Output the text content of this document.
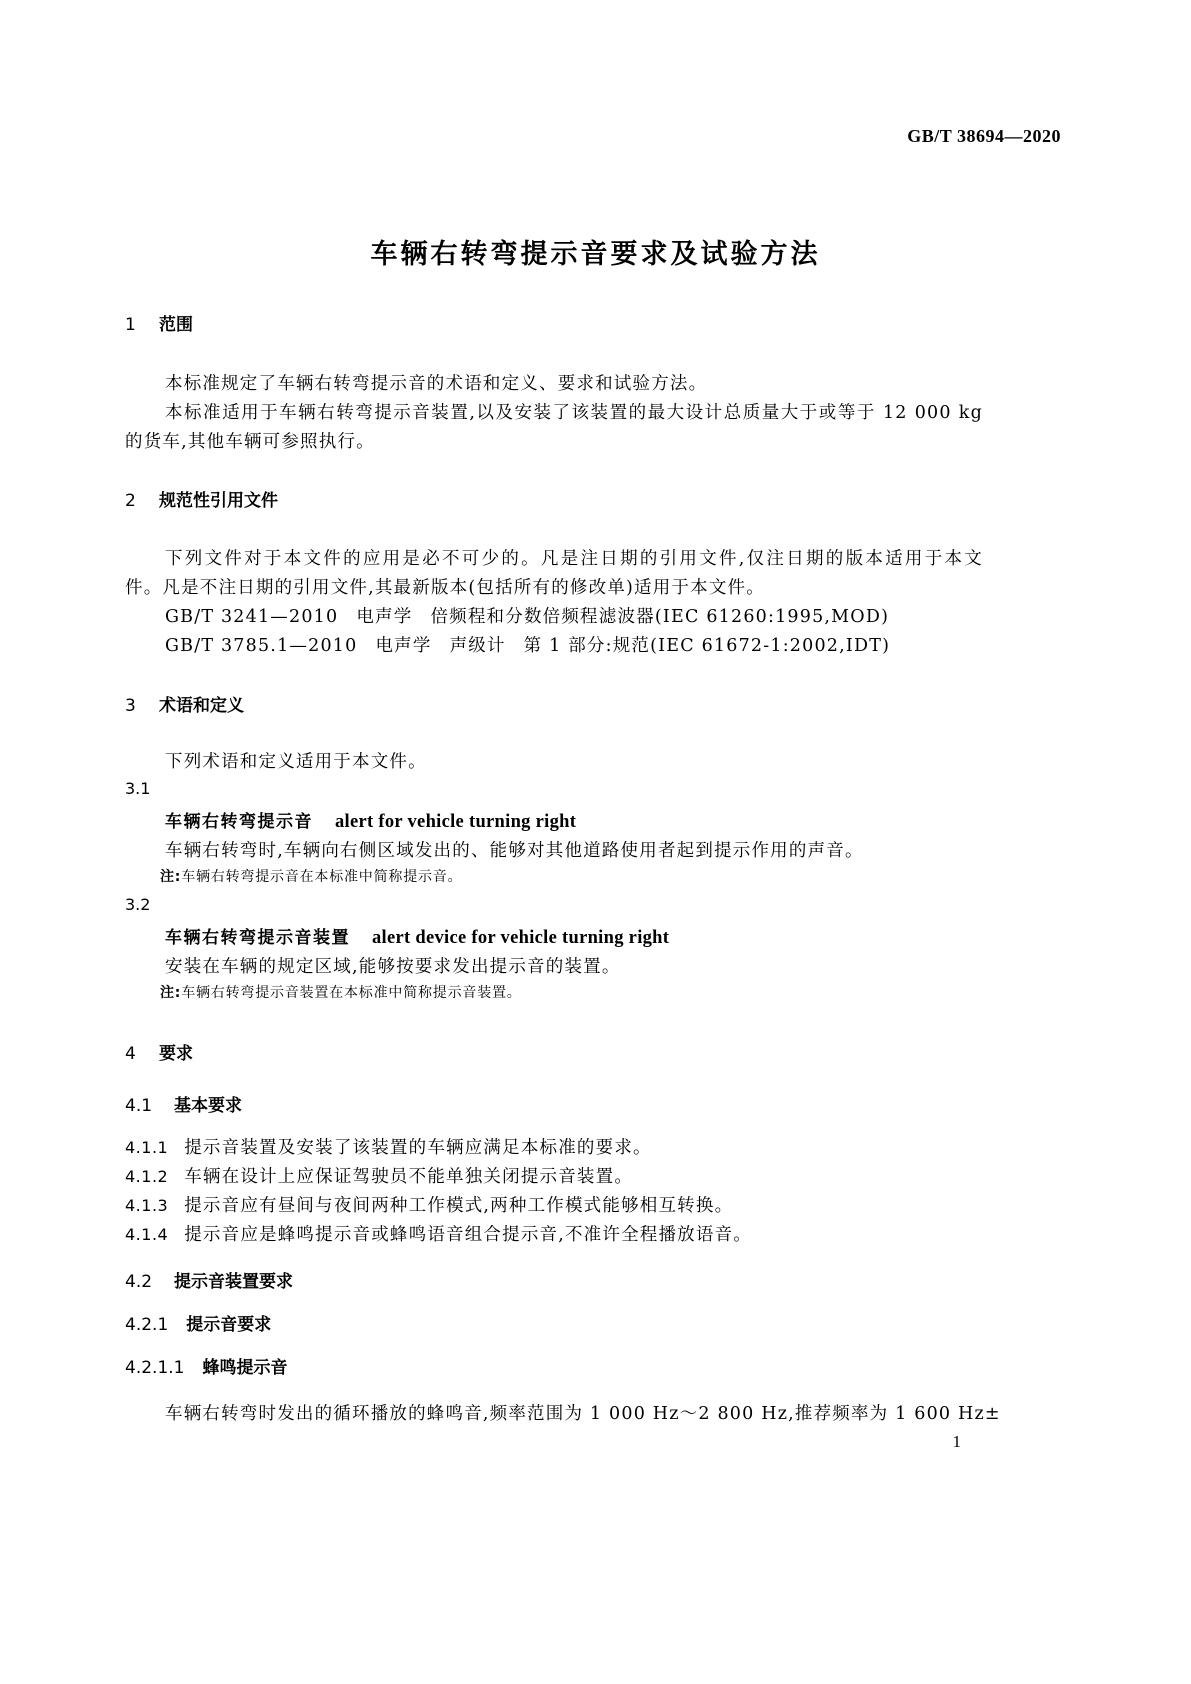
GB/T 38694—2020
车辆右转弯提示音要求及试验方法
1 范围
本标准规定了车辆右转弯提示音的术语和定义、要求和试验方法。
本标准适用于车辆右转弯提示音装置,以及安装了该装置的最大设计总质量大于或等于 12 000 kg
的货车,其他车辆可参照执行。
2 规范性引用文件
下列文件对于本文件的应用是必不可少的。凡是注日期的引用文件,仅注日期的版本适用于本文
件。凡是不注日期的引用文件,其最新版本(包括所有的修改单)适用于本文件。
GB/T 3241—2010 电声学 倍频程和分数倍频程滤波器(IEC 61260:1995,MOD)
GB/T 3785.1—2010 电声学 声级计 第 1 部分:规范(IEC 61672-1:2002,IDT)
3 术语和定义
下列术语和定义适用于本文件。
3.1
车辆右转弯提示音 alert for vehicle turning right
车辆右转弯时,车辆向右侧区域发出的、能够对其他道路使用者起到提示作用的声音。
注:车辆右转弯提示音在本标准中简称提示音。
3.2
车辆右转弯提示音装置 alert device for vehicle turning right
安装在车辆的规定区域,能够按要求发出提示音的装置。
注:车辆右转弯提示音装置在本标准中简称提示音装置。
4 要求
4.1 基本要求
4.1.1 提示音装置及安装了该装置的车辆应满足本标准的要求。
4.1.2 车辆在设计上应保证驾驶员不能单独关闭提示音装置。
4.1.3 提示音应有昼间与夜间两种工作模式,两种工作模式能够相互转换。
4.1.4 提示音应是蜂鸣提示音或蜂鸣语音组合提示音,不准许全程播放语音。
4.2 提示音装置要求
4.2.1 提示音要求
4.2.1.1 蜂鸣提示音
车辆右转弯时发出的循环播放的蜂鸣音,频率范围为 1 000 Hz～2 800 Hz,推荐频率为 1 600 Hz±
1
